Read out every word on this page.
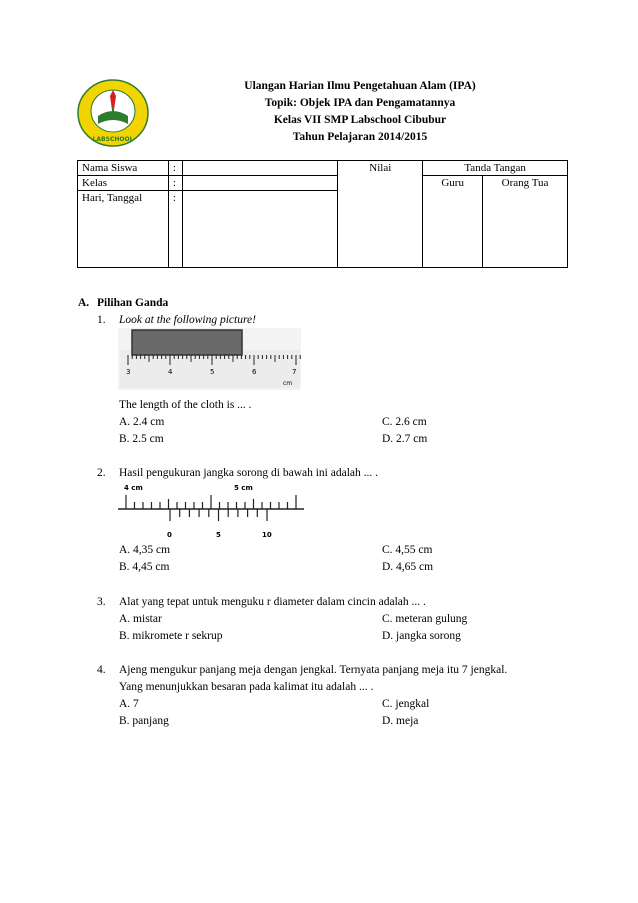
LABSCHOOL
Ulangan Harian Ilmu Pengetahuan Alam (IPA)
Topik: Objek IPA dan Pengamatannya
Kelas VII SMP Labschool Cibubur
Tahun Pelajaran 2014/2015
Nama Siswa	:		Nilai	Tanda Tangan	
Kelas	:			Guru	Orang Tua
Hari, Tanggal	:				
A. Pilihan Ganda
1. Look at the following picture!
3	4	5	6	7
cm
The length of the cloth is ... .
A. 2.4 cm	C. 2.6 cm
B. 2.5 cm	D. 2.7 cm
2. Hasil pengukuran jangka sorong di bawah ini adalah ... .
4 cm	5 cm
0	5	10
A. 4,35 cm	C. 4,55 cm
B. 4,45 cm	D. 4,65 cm
3. Alat yang tepat untuk menguku r diameter dalam cincin adalah ... .
A. mistar	C. meteran gulung
B. mikromete r sekrup	D. jangka sorong
4. Ajeng mengukur panjang meja dengan jengkal. Ternyata panjang meja itu 7 jengkal.
Yang menunjukkan besaran pada kalimat itu adalah ... .
A. 7	C. jengkal
B. panjang	D. meja
